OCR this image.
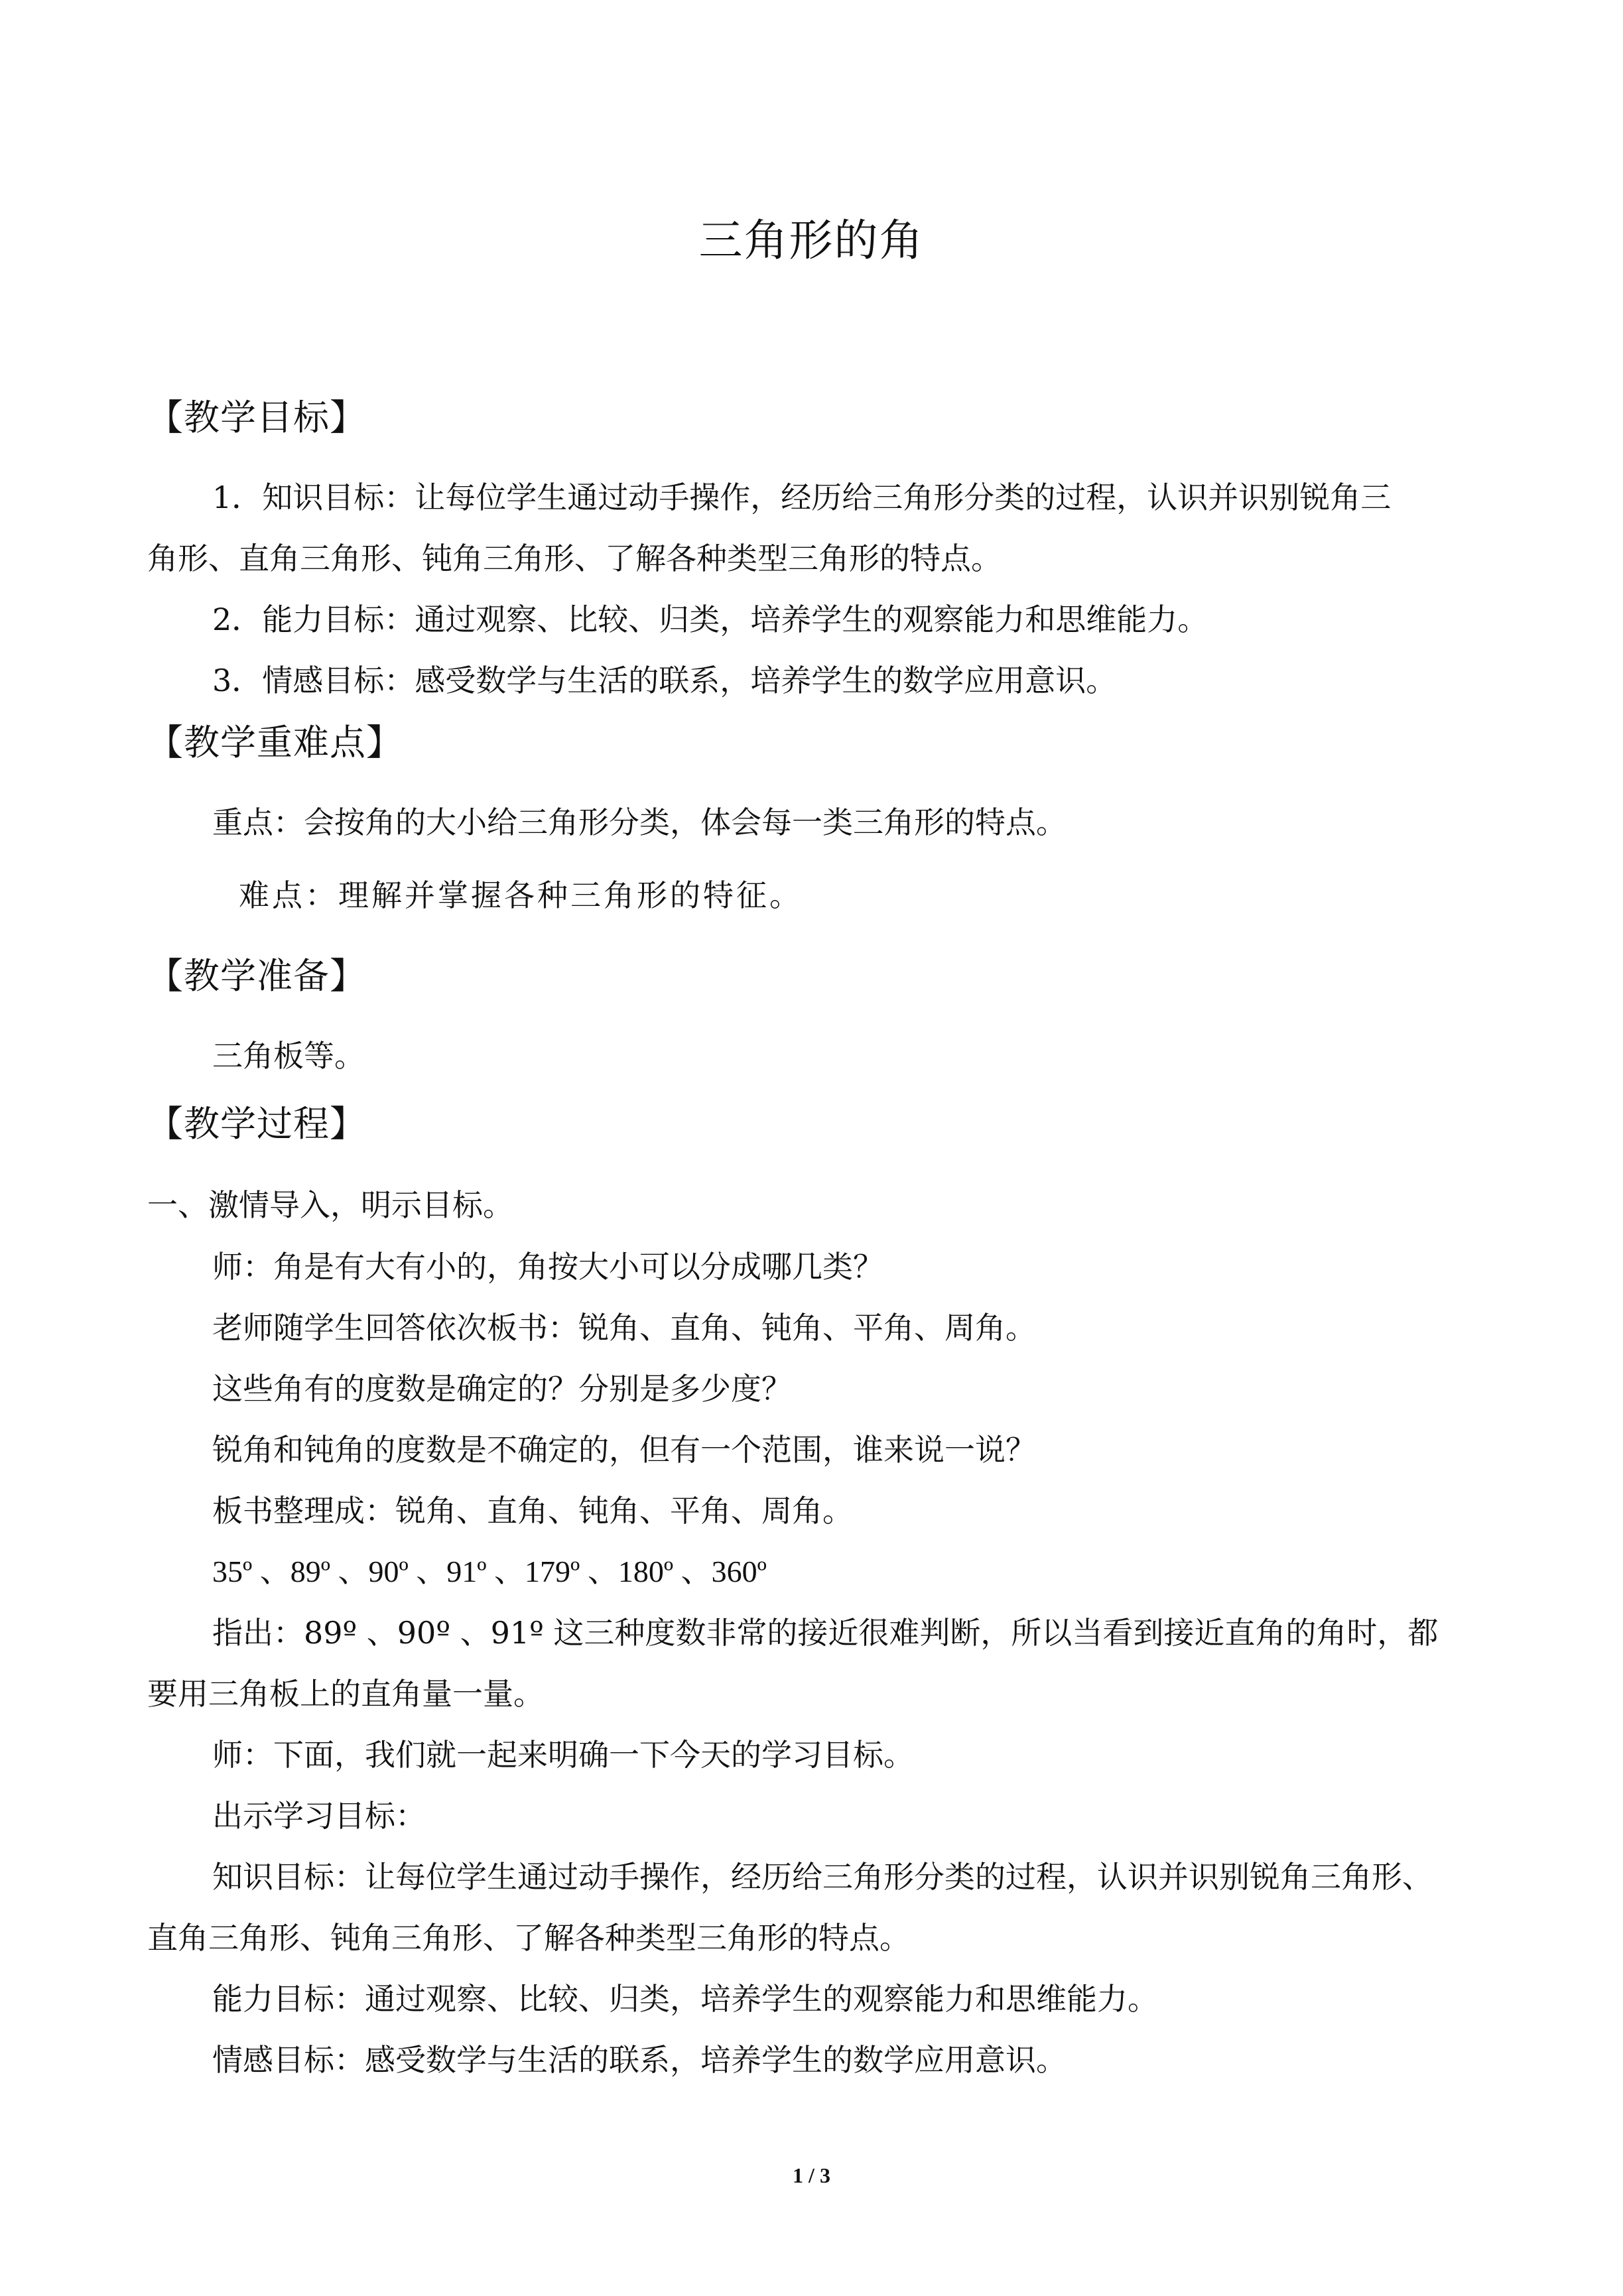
三角形的角
【教学目标】
1．知识目标：让每位学生通过动手操作，经历给三角形分类的过程，认识并识别锐角三
角形、直角三角形、钝角三角形、了解各种类型三角形的特点。
2．能力目标：通过观察、比较、归类，培养学生的观察能力和思维能力。
3．情感目标：感受数学与生活的联系，培养学生的数学应用意识。
【教学重难点】
重点：会按角的大小给三角形分类，体会每一类三角形的特点。
难点：理解并掌握各种三角形的特征。
【教学准备】
三角板等。
【教学过程】
一、激情导入，明示目标。
师：角是有大有小的，角按大小可以分成哪几类？
老师随学生回答依次板书：锐角、直角、钝角、平角、周角。
这些角有的度数是确定的？分别是多少度？
锐角和钝角的度数是不确定的，但有一个范围，谁来说一说？
板书整理成：锐角、直角、钝角、平角、周角。
35º 、89º 、90º 、91º 、179º 、180º 、360º
指出：89º 、90º 、91º 这三种度数非常的接近很难判断，所以当看到接近直角的角时，都
要用三角板上的直角量一量。
师：下面，我们就一起来明确一下今天的学习目标。
出示学习目标：
知识目标：让每位学生通过动手操作，经历给三角形分类的过程，认识并识别锐角三角形、
直角三角形、钝角三角形、了解各种类型三角形的特点。
能力目标：通过观察、比较、归类，培养学生的观察能力和思维能力。
情感目标：感受数学与生活的联系，培养学生的数学应用意识。
1 / 3
